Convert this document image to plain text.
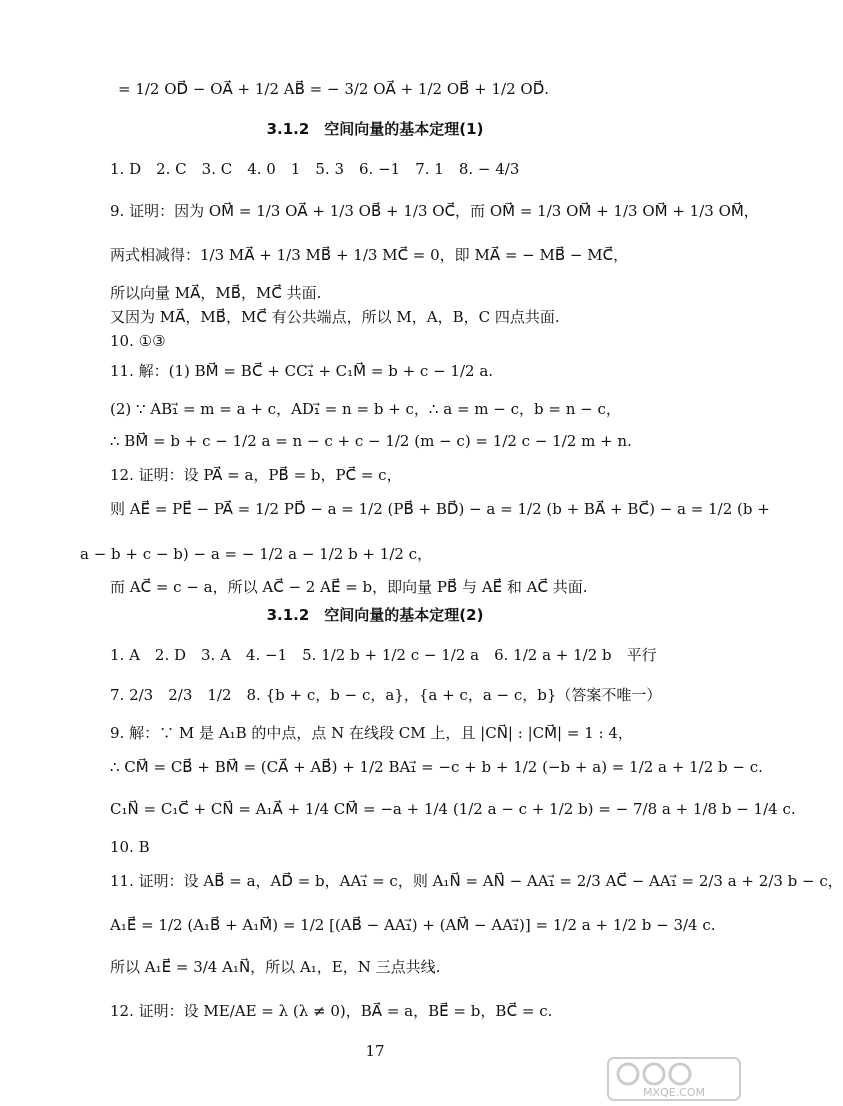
= 1/2 OD⃗ − OA⃗ + 1/2 AB⃗ = − 3/2 OA⃗ + 1/2 OB⃗ + 1/2 OD⃗.
3.1.2　空间向量的基本定理(1)
1. D　2. C　3. C　4. 0　1　5. 3　6. −1　7. 1　8. − 4/3
9. 证明：因为 OM⃗ = 1/3 OA⃗ + 1/3 OB⃗ + 1/3 OC⃗，而 OM⃗ = 1/3 OM⃗ + 1/3 OM⃗ + 1/3 OM⃗，
两式相减得：1/3 MA⃗ + 1/3 MB⃗ + 1/3 MC⃗ = 0，即 MA⃗ = − MB⃗ − MC⃗，
所以向量 MA⃗，MB⃗，MC⃗ 共面.
又因为 MA⃗，MB⃗，MC⃗ 有公共端点，所以 M，A，B，C 四点共面.
10. ①③
11. 解：(1) BM⃗ = BC⃗ + CC₁⃗ + C₁M⃗ = b + c − 1/2 a.
(2) ∵ AB₁⃗ = m = a + c，AD₁⃗ = n = b + c，∴ a = m − c，b = n − c，
∴ BM⃗ = b + c − 1/2 a = n − c + c − 1/2 (m − c) = 1/2 c − 1/2 m + n.
12. 证明：设 PA⃗ = a，PB⃗ = b，PC⃗ = c，
则 AE⃗ = PE⃗ − PA⃗ = 1/2 PD⃗ − a = 1/2 (PB⃗ + BD⃗) − a = 1/2 (b + BA⃗ + BC⃗) − a = 1/2 (b +
a − b + c − b) − a = − 1/2 a − 1/2 b + 1/2 c，
而 AC⃗ = c − a，所以 AC⃗ − 2 AE⃗ = b，即向量 PB⃗ 与 AE⃗ 和 AC⃗ 共面.
3.1.2　空间向量的基本定理(2)
1. A　2. D　3. A　4. −1　5. 1/2 b + 1/2 c − 1/2 a　6. 1/2 a + 1/2 b　平行
7. 2/3　2/3　1/2　8. {b + c，b − c，a}，{a + c，a − c，b}（答案不唯一）
9. 解：∵ M 是 A₁B 的中点，点 N 在线段 CM 上，且 |CN⃗| : |CM⃗| = 1 : 4，
∴ CM⃗ = CB⃗ + BM⃗ = (CA⃗ + AB⃗) + 1/2 BA₁⃗ = −c + b + 1/2 (−b + a) = 1/2 a + 1/2 b − c.
C₁N⃗ = C₁C⃗ + CN⃗ = A₁A⃗ + 1/4 CM⃗ = −a + 1/4 (1/2 a − c + 1/2 b) = − 7/8 a + 1/8 b − 1/4 c.
10. B
11. 证明：设 AB⃗ = a，AD⃗ = b，AA₁⃗ = c，则 A₁N⃗ = AN⃗ − AA₁⃗ = 2/3 AC⃗ − AA₁⃗ = 2/3 a + 2/3 b − c，
A₁E⃗ = 1/2 (A₁B⃗ + A₁M⃗) = 1/2 [(AB⃗ − AA₁⃗) + (AM⃗ − AA₁⃗)] = 1/2 a + 1/2 b − 3/4 c.
所以 A₁E⃗ = 3/4 A₁N⃗，所以 A₁，E，N 三点共线.
12. 证明：设 ME/AE = λ (λ ≠ 0)，BA⃗ = a，BE⃗ = b，BC⃗ = c.
17
MXQE.COM
